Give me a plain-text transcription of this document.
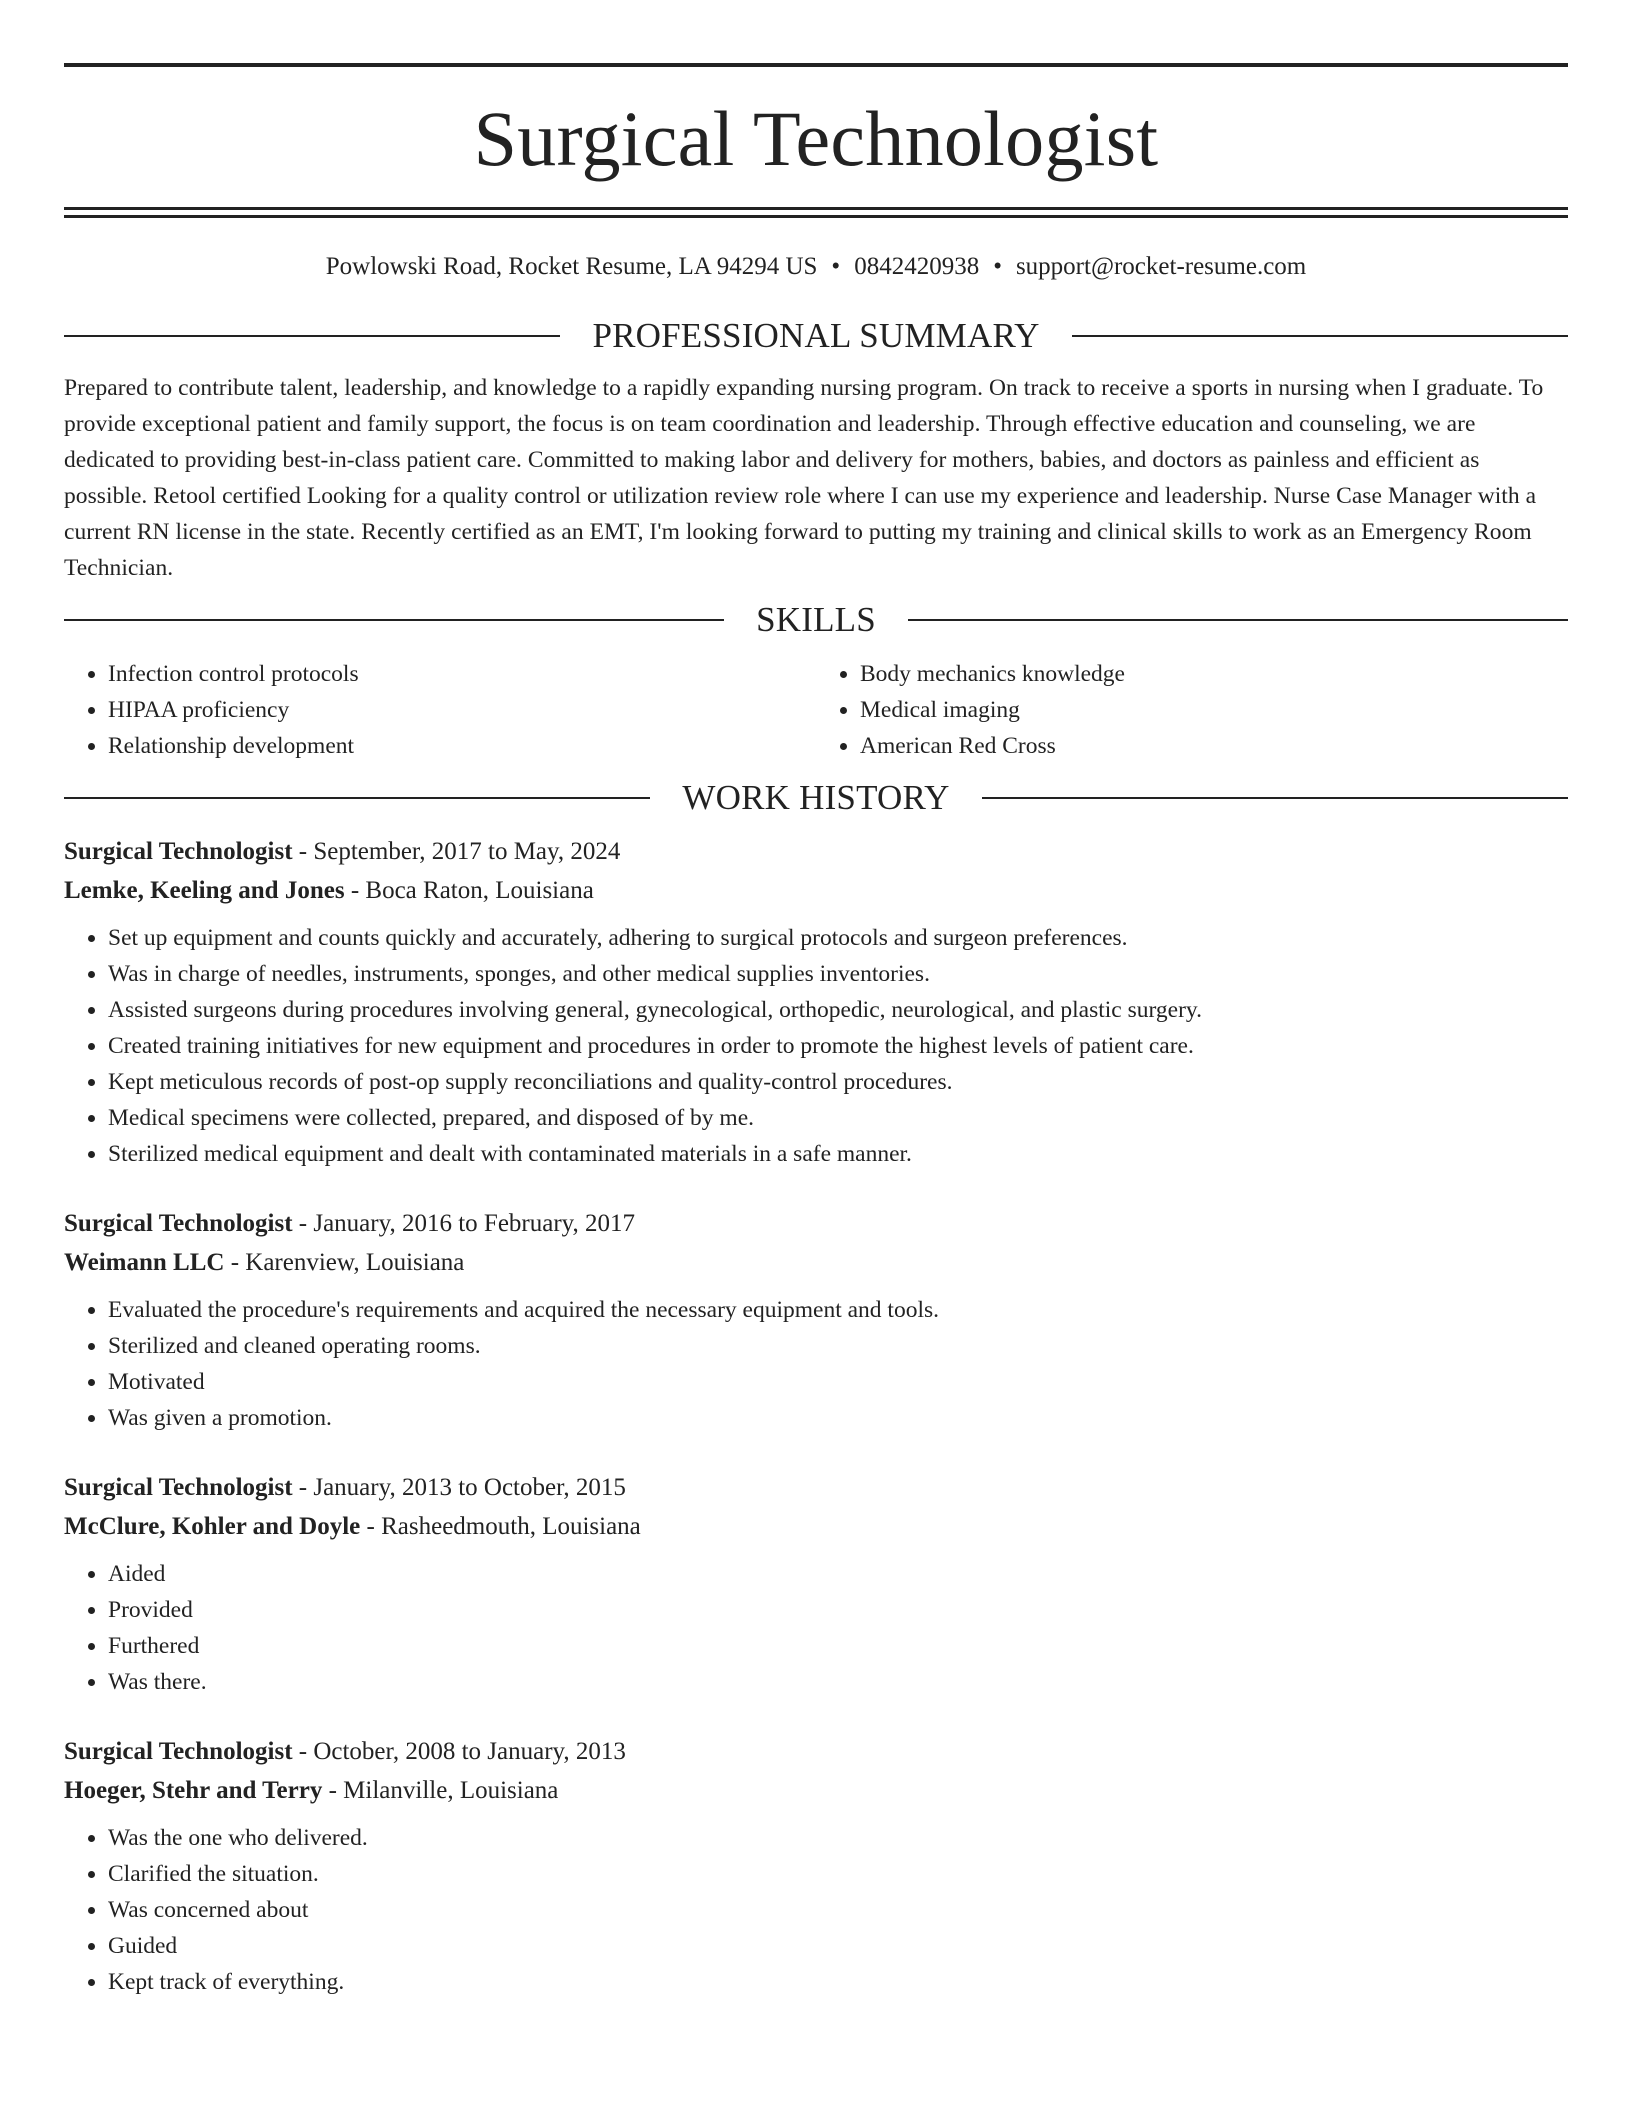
Surgical Technologist
Powlowski Road, Rocket Resume, LA 94294 US • 0842420938 • support@rocket-resume.com
PROFESSIONAL SUMMARY

Prepared to contribute talent, leadership, and knowledge to a rapidly expanding nursing program. On track to receive a sports in nursing when I graduate. To provide exceptional patient and family support, the focus is on team coordination and leadership. Through effective education and counseling, we are dedicated to providing best-in-class patient care. Committed to making labor and delivery for mothers, babies, and doctors as painless and efficient as possible. Retool certified Looking for a quality control or utilization review role where I can use my experience and leadership. Nurse Case Manager with a current RN license in the state. Recently certified as an EMT, I'm looking forward to putting my training and clinical skills to work as an Emergency Room Technician.

SKILLS
• Infection control protocols
• HIPAA proficiency
• Relationship development
• Body mechanics knowledge
• Medical imaging
• American Red Cross
WORK HISTORY
Surgical Technologist - September, 2017 to May, 2024
Lemke, Keeling and Jones - Boca Raton, Louisiana
• Set up equipment and counts quickly and accurately, adhering to surgical protocols and surgeon preferences.
• Was in charge of needles, instruments, sponges, and other medical supplies inventories.
• Assisted surgeons during procedures involving general, gynecological, orthopedic, neurological, and plastic surgery.
• Created training initiatives for new equipment and procedures in order to promote the highest levels of patient care.
• Kept meticulous records of post-op supply reconciliations and quality-control procedures.
• Medical specimens were collected, prepared, and disposed of by me.
• Sterilized medical equipment and dealt with contaminated materials in a safe manner.
Surgical Technologist - January, 2016 to February, 2017
Weimann LLC - Karenview, Louisiana
• Evaluated the procedure's requirements and acquired the necessary equipment and tools.
• Sterilized and cleaned operating rooms.
• Motivated
• Was given a promotion.
Surgical Technologist - January, 2013 to October, 2015
McClure, Kohler and Doyle - Rasheedmouth, Louisiana
• Aided
• Provided
• Furthered
• Was there.
Surgical Technologist - October, 2008 to January, 2013
Hoeger, Stehr and Terry - Milanville, Louisiana
• Was the one who delivered.
• Clarified the situation.
• Was concerned about
• Guided
• Kept track of everything.
